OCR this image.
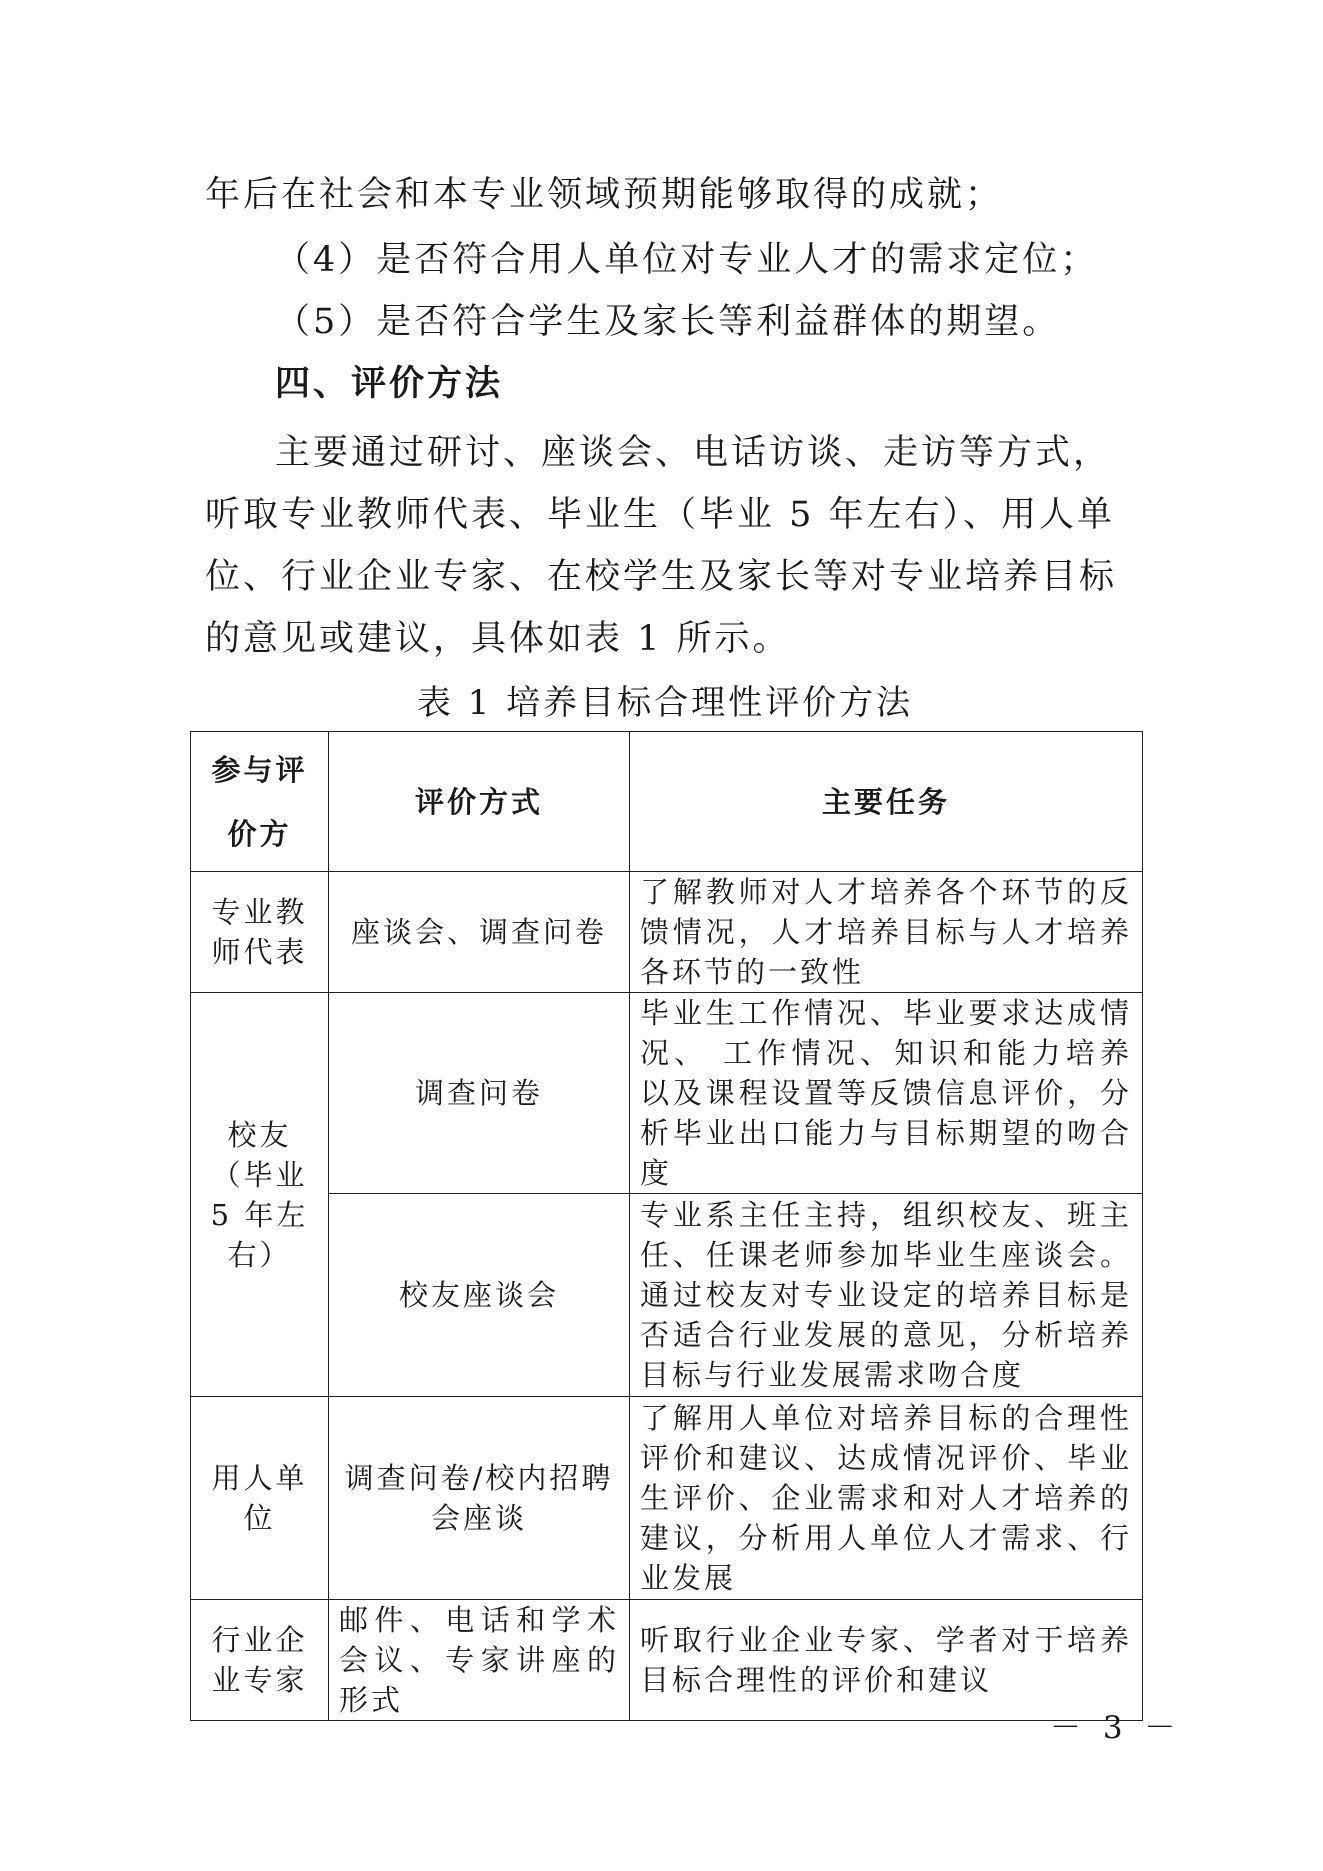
年后在社会和本专业领域预期能够取得的成就；

（4）是否符合用人单位对专业人才的需求定位；

（5）是否符合学生及家长等利益群体的期望。

四、评价方法

主要通过研讨、座谈会、电话访谈、走访等方式，听取专业教师代表、毕业生（毕业 5 年左右）、用人单位、行业企业专家、在校学生及家长等对专业培养目标的意见或建议，具体如表 1 所示。

表 1 培养目标合理性评价方法

参与评价方	评价方式	主要任务
专业教师代表	座谈会、调查问卷	了解教师对人才培养各个环节的反馈情况，人才培养目标与人才培养各环节的一致性
校友（毕业 5 年左右）	调查问卷	毕业生工作情况、毕业要求达成情况、 工作情况、知识和能力培养以及课程设置等反馈信息评价，分析毕业出口能力与目标期望的吻合度
	校友座谈会	专业系主任主持，组织校友、班主任、任课老师参加毕业生座谈会。通过校友对专业设定的培养目标是否适合行业发展的意见，分析培养目标与行业发展需求吻合度
用人单位	调查问卷/校内招聘会座谈	了解用人单位对培养目标的合理性评价和建议、达成情况评价、毕业生评价、企业需求和对人才培养的建议，分析用人单位人才需求、行业发展
行业企业专家	邮件、电话和学术会议、专家讲座的形式	听取行业企业专家、学者对于培养目标合理性的评价和建议

－ 3 －
